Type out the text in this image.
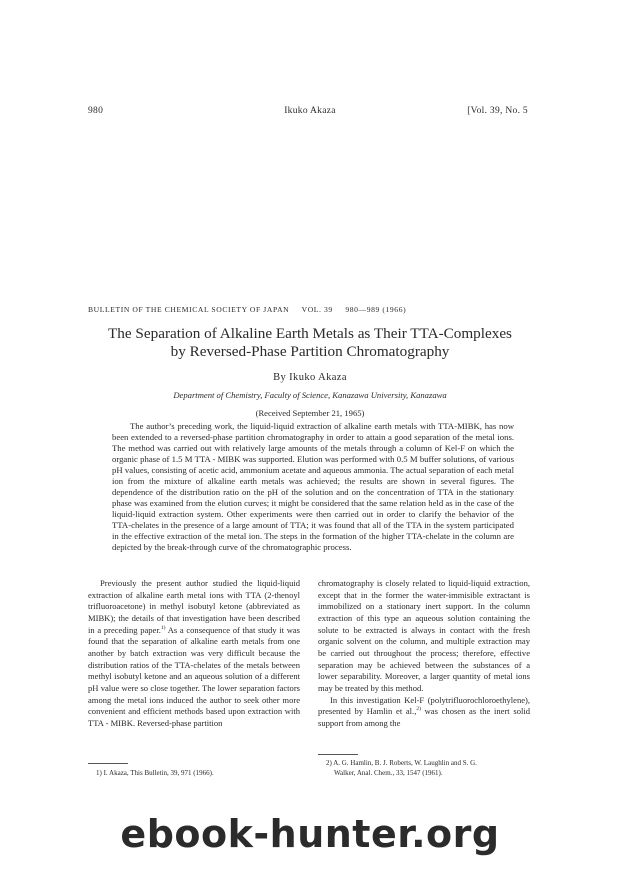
980	Ikuko Akaza	[Vol. 39, No. 5
BULLETIN OF THE CHEMICAL SOCIETY OF JAPAN VOL. 39 980—989 (1966)
The Separation of Alkaline Earth Metals as Their TTA-Complexes
by Reversed-Phase Partition Chromatography
By Ikuko Akaza
Department of Chemistry, Faculty of Science, Kanazawa University, Kanazawa
(Received September 21, 1965)
The author’s preceding work, the liquid-liquid extraction of alkaline earth metals with TTA-MIBK, has now been extended to a reversed-phase partition chromatography in order to attain a good separation of the metal ions. The method was carried out with relatively large amounts of the metals through a column of Kel-F on which the organic phase of 1.5 M TTA - MIBK was supported. Elution was performed with 0.5 M buffer solutions, of various pH values, consisting of acetic acid, ammonium acetate and aqueous ammonia. The actual separation of each metal ion from the mixture of alkaline earth metals was achieved; the results are shown in several figures. The dependence of the distribution ratio on the pH of the solution and on the concentration of TTA in the stationary phase was examined from the elution curves; it might be considered that the same relation held as in the case of the liquid-liquid extraction system. Other experiments were then carried out in order to clarify the behavior of the TTA-chelates in the presence of a large amount of TTA; it was found that all of the TTA in the system participated in the effective extraction of the metal ion. The steps in the formation of the higher TTA-chelate in the column are depicted by the break-through curve of the chromatographic process.
Previously the present author studied the liquid-liquid extraction of alkaline earth metal ions with TTA (2-thenoyl trifluoroacetone) in methyl isobutyl ketone (abbreviated as MIBK); the details of that investigation have been described in a preceding paper.$^{1)}$ As a consequence of that study it was found that the separation of alkaline earth metals from one another by batch extraction was very difficult because the distribution ratios of the TTA-chelates of the metals between methyl isobutyl ketone and an aqueous solution of a different pH value were so close together. The lower separation factors among the metal ions induced the author to seek other more convenient and efficient methods based upon extraction with TTA - MIBK. Reversed-phase partition

chromatography is closely related to liquid-liquid extraction, except that in the former the water-immisible extractant is immobilized on a stationary inert support. In the column extraction of this type an aqueous solution containing the solute to be extracted is always in contact with the fresh organic solvent on the column, and multiple extraction may be carried out throughout the process; therefore, effective separation may be achieved between the substances of a lower separability. Moreover, a larger quantity of metal ions may be treated by this method.

In this investigation Kel-F (polytrifluorochloroethylene), presented by Hamlin et al.,$^{2)}$ was chosen as the inert solid support from among the

1) I. Akaza, This Bulletin, 39, 971 (1966).
2) A. G. Hamlin, B. J. Roberts, W. Laughlin and S. G.
Walker, Anal. Chem., 33, 1547 (1961).
ebook-hunter.org
